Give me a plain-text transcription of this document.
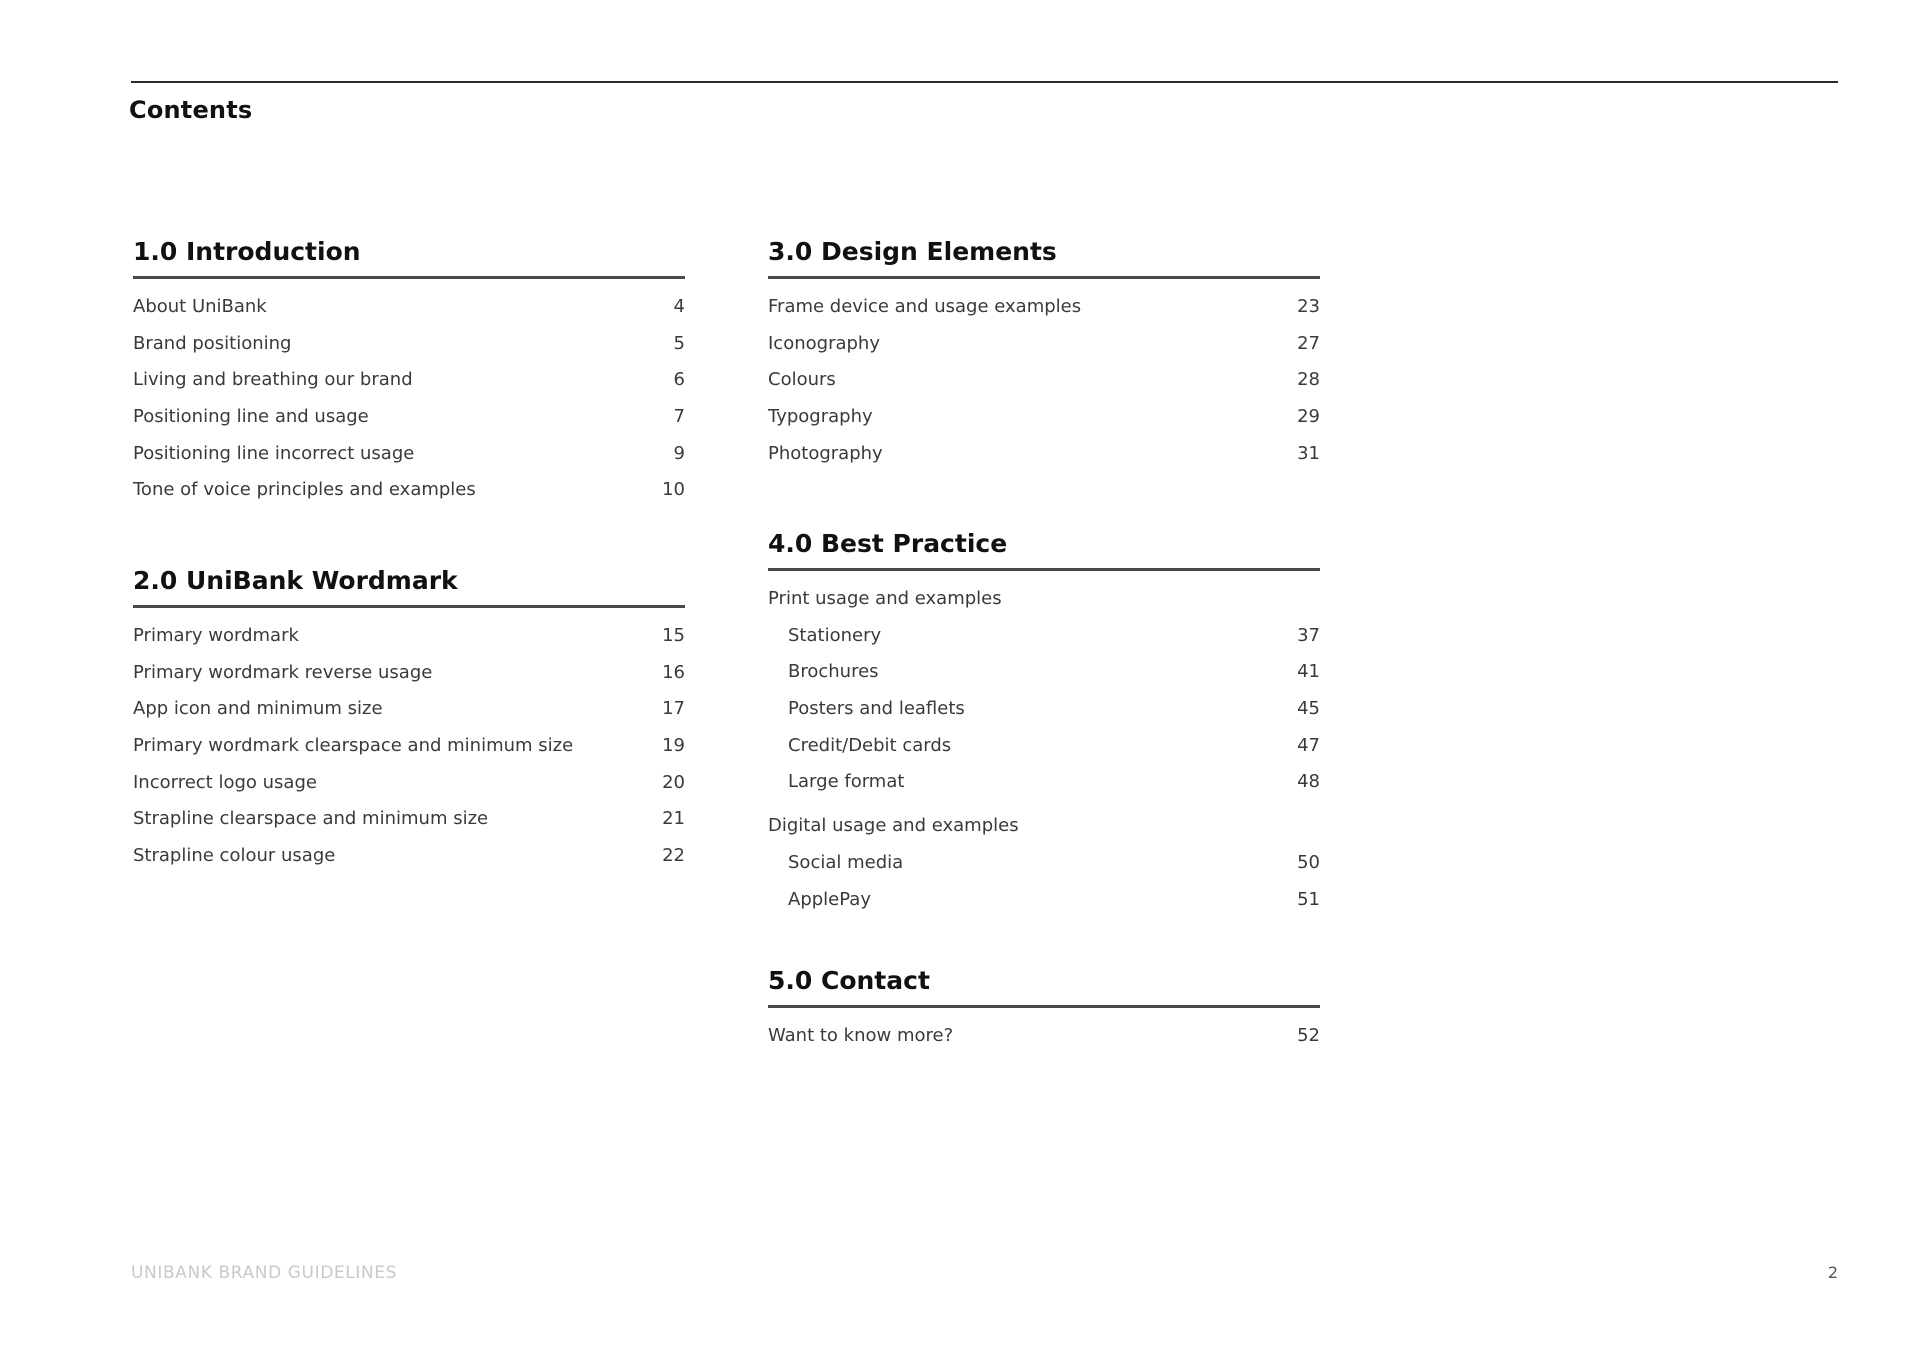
Contents
1.0 Introduction
About UniBank	4
Brand positioning	5
Living and breathing our brand	6
Positioning line and usage	7
Positioning line incorrect usage	9
Tone of voice principles and examples	10
2.0 UniBank Wordmark
Primary wordmark	15
Primary wordmark reverse usage	16
App icon and minimum size	17
Primary wordmark clearspace and minimum size	19
Incorrect logo usage	20
Strapline clearspace and minimum size	21
Strapline colour usage	22
3.0 Design Elements
Frame device and usage examples	23
Iconography	27
Colours	28
Typography	29
Photography	31
4.0 Best Practice
Print usage and examples
Stationery	37
Brochures	41
Posters and leaflets	45
Credit/Debit cards	47
Large format	48
Digital usage and examples
Social media	50
ApplePay	51
5.0 Contact
Want to know more?	52
UNIBANK BRAND GUIDELINES	2
